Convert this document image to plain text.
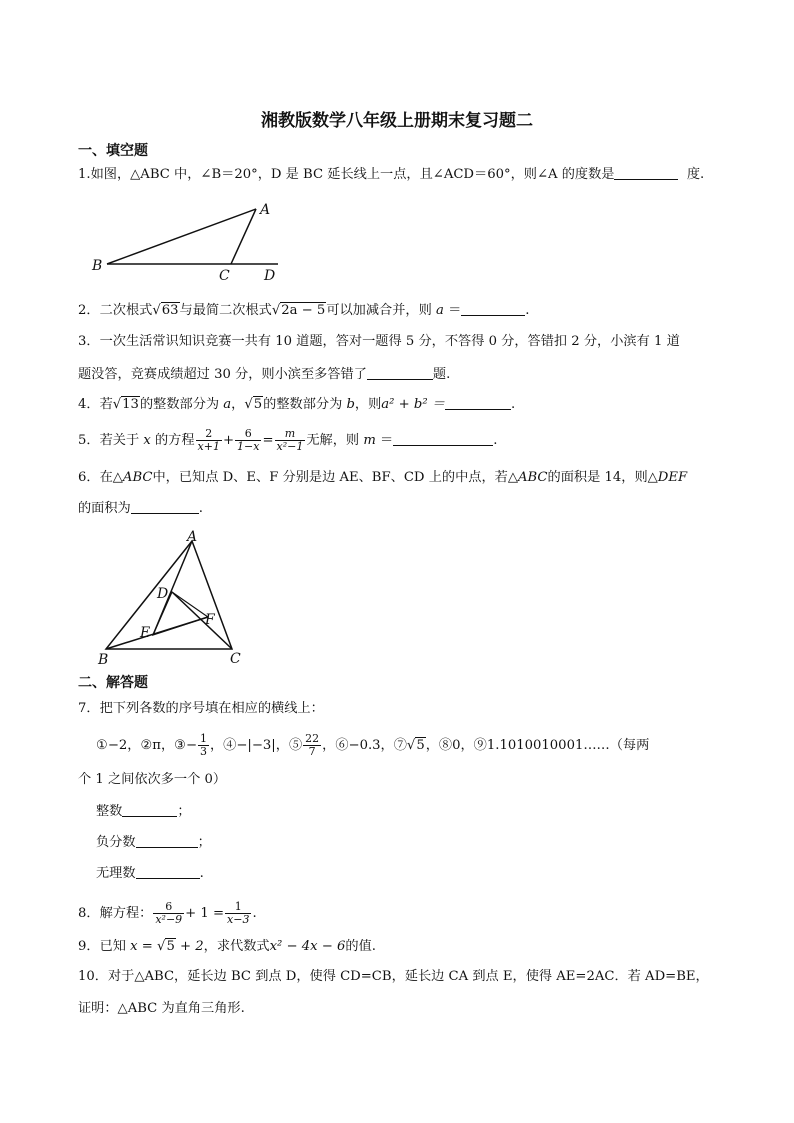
湘教版数学八年级上册期末复习题二
一、填空题
1.如图，△ABC 中，∠B＝20°，D 是 BC 延长线上一点，且∠ACD＝60°，则∠A 的度数是	度.
A
B
C D
2．二次根式√63与最简二次根式√2a − 5可以加减合并，则 a ＝	.
3．一次生活常识知识竞赛一共有 10 道题，答对一题得 5 分，不答得 0 分，答错扣 2 分，小滨有 1 道
题没答，竞赛成绩超过 30 分，则小滨至多答错了	题.
4．若√13的整数部分为 a，√5的整数部分为 b，则a² + b² ＝	.
5．若关于 x 的方程 $\frac{2}{x+1} + \frac{6}{1-x} = \frac{m}{\text{x²−1}}$ 无解，则 m ＝	.
6．在△ABC中，已知点 D、E、F 分别是边 AE、BF、CD 上的中点，若△ABC的面积是 14，则△DEF
的面积为	.
A
B	C
D
E
F
二、解答题
7．把下列各数的序号填在相应的横线上：
①−2，②π，③− $\frac{1}{3}$ ，④−|−3|，⑤ $\frac{22}{7}$ ，⑥−0.3，⑦√5，⑧0，⑨1.1010010001……（每两
个 1 之间依次多一个 0）
整数	；
负分数	；
无理数	.
8．解方程： $\frac{6}{\text{x²−9}} + 1 = \frac{1}{x-3}$ .
9．已知 x = √5 + 2，求代数式x² − 4x − 6的值.
10．对于△ABC，延长边 BC 到点 D，使得 CD=CB，延长边 CA 到点 E，使得 AE=2AC．若 AD=BE，
证明：△ABC 为直角三角形.
